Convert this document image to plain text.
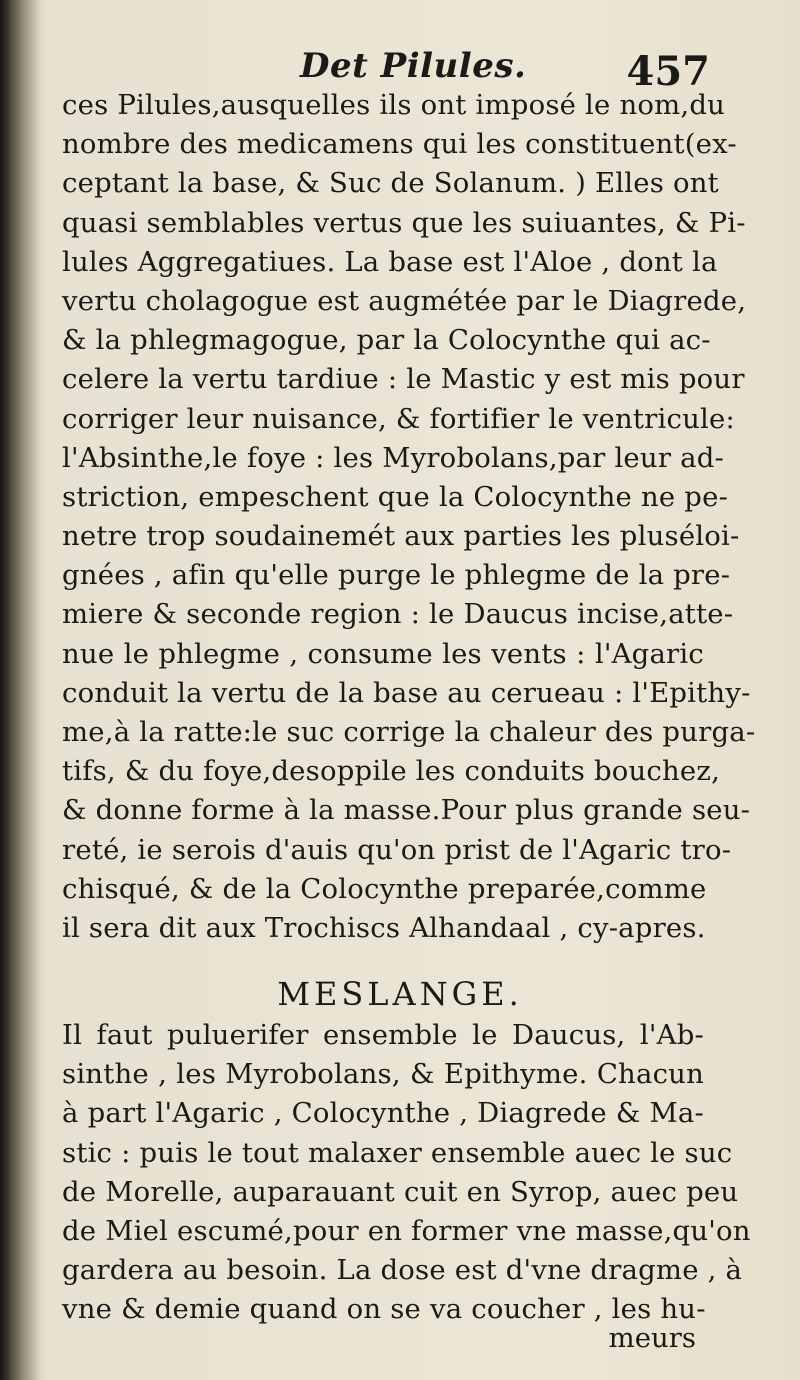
Det Pilules.	457

ces Pilules,ausquelles ils ont imposé le nom,du
nombre des medicamens qui les constituent(ex-
ceptant la base, & Suc de Solanum. ) Elles ont
quasi semblables vertus que les suiuantes, & Pi-
lules Aggregatiues. La base est l'Aloe , dont la
vertu cholagogue est augmétée par le Diagrede,
& la phlegmagogue, par la Colocynthe qui ac-
celere la vertu tardiue : le Mastic y est mis pour
corriger leur nuisance, & fortifier le ventricule:
l'Absinthe,le foye : les Myrobolans,par leur ad-
striction, empeschent que la Colocynthe ne pe-
netre trop soudainemét aux parties les pluséloi-
gnées , afin qu'elle purge le phlegme de la pre-
miere & seconde region : le Daucus incise,atte-
nue le phlegme , consume les vents : l'Agaric
conduit la vertu de la base au cerueau : l'Epithy-
me,à la ratte:le suc corrige la chaleur des purga-
tifs, & du foye,desoppile les conduits bouchez,
& donne forme à la masse.Pour plus grande seu-
reté, ie serois d'auis qu'on prist de l'Agaric tro-
chisqué, & de la Colocynthe preparée,comme
il sera dit aux Trochiscs Alhandaal , cy-apres.

MESLANGE.

Il faut puluerifer ensemble le Daucus, l'Ab-
sinthe , les Myrobolans, & Epithyme. Chacun
à part l'Agaric , Colocynthe , Diagrede & Ma-
stic : puis le tout malaxer ensemble auec le suc
de Morelle, auparauant cuit en Syrop, auec peu
de Miel escumé,pour en former vne masse,qu'on
gardera au besoin. La dose est d'vne dragme , à
vne & demie quand on se va coucher , les hu-

meurs
